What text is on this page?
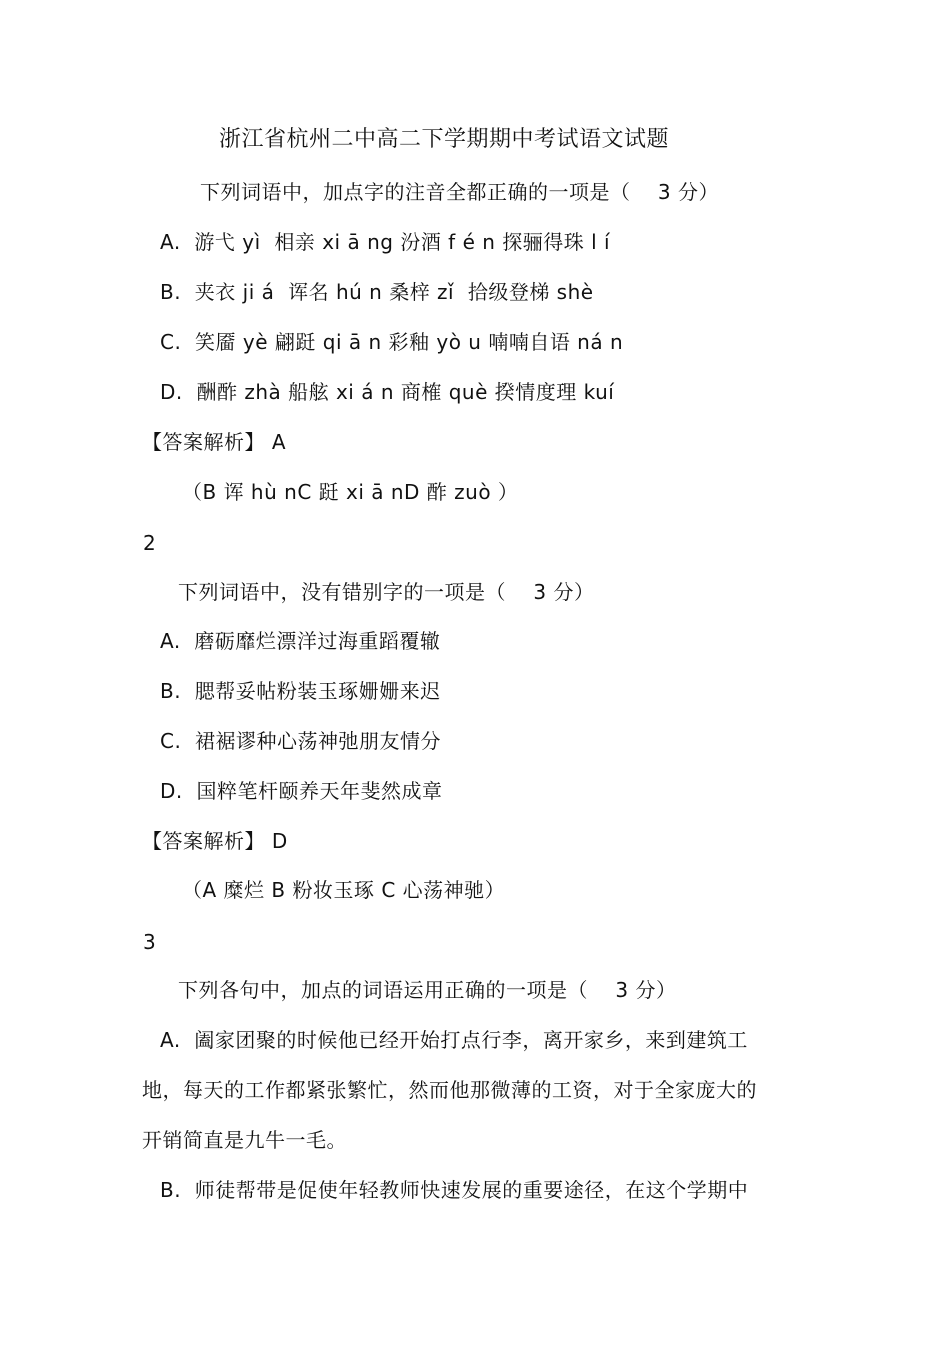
浙江省杭州二中高二下学期期中考试语文试题
下列词语中，加点字的注音全都正确的一项是（　 3 分）
A.  游弋 yì  相亲 xi ā ng 汾酒 f é n 探骊得珠 l í
B.  夹衣 ji á  诨名 hú n 桑梓 zǐ  拾级登梯 shè
C.  笑靥 yè 翩跹 qi ā n 彩釉 yò u 喃喃自语 ná n
D.  酬酢 zhà 船舷 xi á n 商榷 què 揆情度理 kuí
【答案解析】 A
（B 诨 hù nC 跹 xi ā nD 酢 zuò ）
2
下列词语中，没有错别字的一项是（　 3 分）
A.  磨砺靡烂漂洋过海重蹈覆辙
B.  腮帮妥帖粉装玉琢姗姗来迟
C.  裙裾谬种心荡神弛朋友情分
D.  国粹笔杆颐养天年斐然成章
【答案解析】 D
（A 糜烂 B 粉妆玉琢 C 心荡神驰）
3
下列各句中，加点的词语运用正确的一项是（　 3 分）
A.  阖家团聚的时候他已经开始打点行李，离开家乡，来到建筑工
地，每天的工作都紧张繁忙，然而他那微薄的工资，对于全家庞大的
开销简直是九牛一毛。
B.  师徒帮带是促使年轻教师快速发展的重要途径，在这个学期中
